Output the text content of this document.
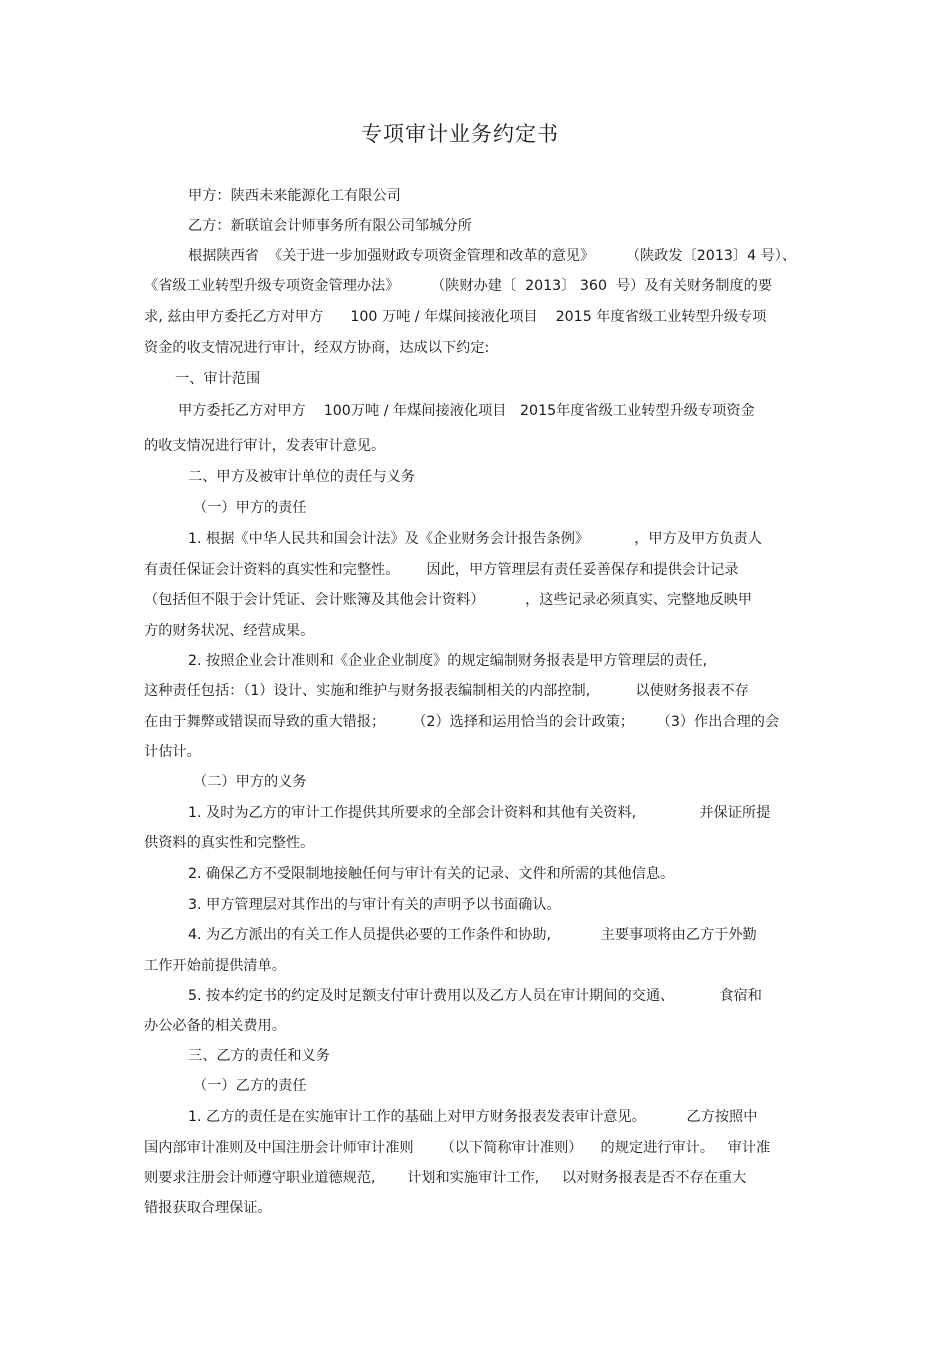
专项审计业务约定书
甲方：陕西未来能源化工有限公司
乙方：新联谊会计师事务所有限公司邹城分所
根据陕西省  《关于进一步加强财政专项资金管理和改革的意见》       （陕政发〔2013〕4 号）、
《省级工业转型升级专项资金管理办法》       （陕财办建〔  2013〕 360  号）及有关财务制度的要
求, 兹由甲方委托乙方对甲方      100 万吨 / 年煤间接液化项目    2015 年度省级工业转型升级专项
资金的收支情况进行审计，经双方协商，达成以下约定:
一、审计范围
甲方委托乙方对甲方    100万吨 / 年煤间接液化项目   2015年度省级工业转型升级专项资金
的收支情况进行审计，发表审计意见。
二、甲方及被审计单位的责任与义务
（一）甲方的责任
1. 根据《中华人民共和国会计法》及《企业财务会计报告条例》          ，甲方及甲方负责人
有责任保证会计资料的真实性和完整性。      因此，甲方管理层有责任妥善保存和提供会计记录
（包括但不限于会计凭证、会计账簿及其他会计资料）         ，这些记录必须真实、完整地反映甲
方的财务状况、经营成果。
2. 按照企业会计准则和《企业企业制度》的规定编制财务报表是甲方管理层的责任,
这种责任包括：（1）设计、实施和维护与财务报表编制相关的内部控制,          以使财务报表不存
在由于舞弊或错误而导致的重大错报；      （2）选择和运用恰当的会计政策；     （3）作出合理的会
计估计。
（二）甲方的义务
1. 及时为乙方的审计工作提供其所要求的全部会计资料和其他有关资料,              并保证所提
供资料的真实性和完整性。
2. 确保乙方不受限制地接触任何与审计有关的记录、文件和所需的其他信息。
3. 甲方管理层对其作出的与审计有关的声明予以书面确认。
4. 为乙方派出的有关工作人员提供必要的工作条件和协助,           主要事项将由乙方于外勤
工作开始前提供清单。
5. 按本约定书的约定及时足额支付审计费用以及乙方人员在审计期间的交通、          食宿和
办公必备的相关费用。
三、乙方的责任和义务
（一）乙方的责任
1. 乙方的责任是在实施审计工作的基础上对甲方财务报表发表审计意见。         乙方按照中
国内部审计准则及中国注册会计师审计准则      （以下简称审计准则）    的规定进行审计。   审计准
则要求注册会计师遵守职业道德规范,       计划和实施审计工作,     以对财务报表是否不存在重大
错报获取合理保证。
